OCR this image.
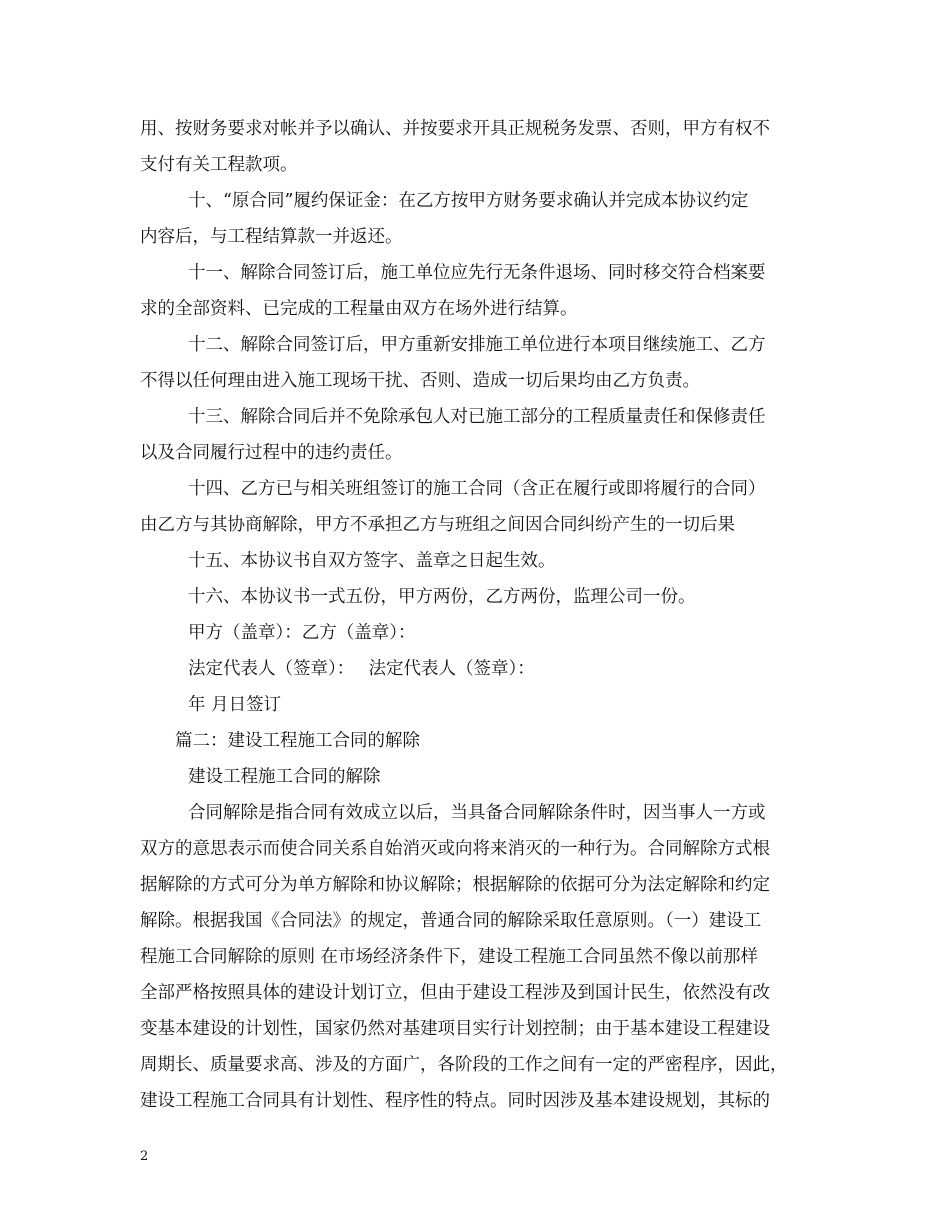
用、按财务要求对帐并予以确认、并按要求开具正规税务发票、否则，甲方有权不
支付有关工程款项。
十、“原合同”履约保证金：在乙方按甲方财务要求确认并完成本协议约定
内容后，与工程结算款一并返还。
十一、解除合同签订后，施工单位应先行无条件退场、同时移交符合档案要
求的全部资料、已完成的工程量由双方在场外进行结算。
十二、解除合同签订后，甲方重新安排施工单位进行本项目继续施工、乙方
不得以任何理由进入施工现场干扰、否则、造成一切后果均由乙方负责。
十三、解除合同后并不免除承包人对已施工部分的工程质量责任和保修责任
以及合同履行过程中的违约责任。
十四、乙方已与相关班组签订的施工合同（含正在履行或即将履行的合同）
由乙方与其协商解除，甲方不承担乙方与班组之间因合同纠纷产生的一切后果
十五、本协议书自双方签字、盖章之日起生效。
十六、本协议书一式五份，甲方两份，乙方两份，监理公司一份。
甲方（盖章）：乙方（盖章）：
法定代表人（签章）：　 法定代表人（签章）：
年 月日签订
篇二：建设工程施工合同的解除
建设工程施工合同的解除
合同解除是指合同有效成立以后，当具备合同解除条件时，因当事人一方或
双方的意思表示而使合同关系自始消灭或向将来消灭的一种行为。合同解除方式根
据解除的方式可分为单方解除和协议解除；根据解除的依据可分为法定解除和约定
解除。根据我国《合同法》的规定，普通合同的解除采取任意原则。（一）建设工
程施工合同解除的原则 在市场经济条件下，建设工程施工合同虽然不像以前那样
全部严格按照具体的建设计划订立，但由于建设工程涉及到国计民生，依然没有改
变基本建设的计划性，国家仍然对基建项目实行计划控制；由于基本建设工程建设
周期长、质量要求高、涉及的方面广，各阶段的工作之间有一定的严密程序，因此，
建设工程施工合同具有计划性、程序性的特点。同时因涉及基本建设规划，其标的
2
